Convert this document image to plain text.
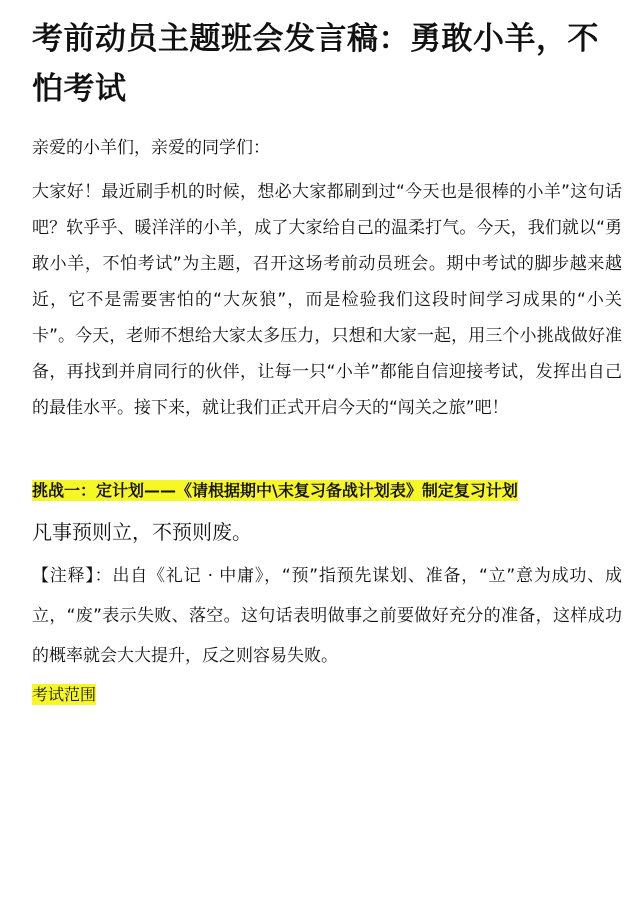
考前动员主题班会发言稿：勇敢小羊，不怕考试

亲爱的小羊们，亲爱的同学们：

大家好！最近刷手机的时候，想必大家都刷到过“今天也是很棒的小羊”这句话吧？软乎乎、暖洋洋的小羊，成了大家给自己的温柔打气。今天，我们就以“勇敢小羊，不怕考试”为主题，召开这场考前动员班会。期中考试的脚步越来越近，它不是需要害怕的“大灰狼”，而是检验我们这段时间学习成果的“小关卡”。今天，老师不想给大家太多压力，只想和大家一起，用三个小挑战做好准备，再找到并肩同行的伙伴，让每一只“小羊”都能自信迎接考试，发挥出自己的最佳水平。接下来，就让我们正式开启今天的“闯关之旅”吧！

挑战一：定计划——《请根据期中\末复习备战计划表》制定复习计划

凡事预则立，不预则废。

【注释】：出自《礼记 · 中庸》，“预”指预先谋划、准备，“立”意为成功、成立，“废”表示失败、落空。这句话表明做事之前要做好充分的准备，这样成功的概率就会大大提升，反之则容易失败。

考试范围
